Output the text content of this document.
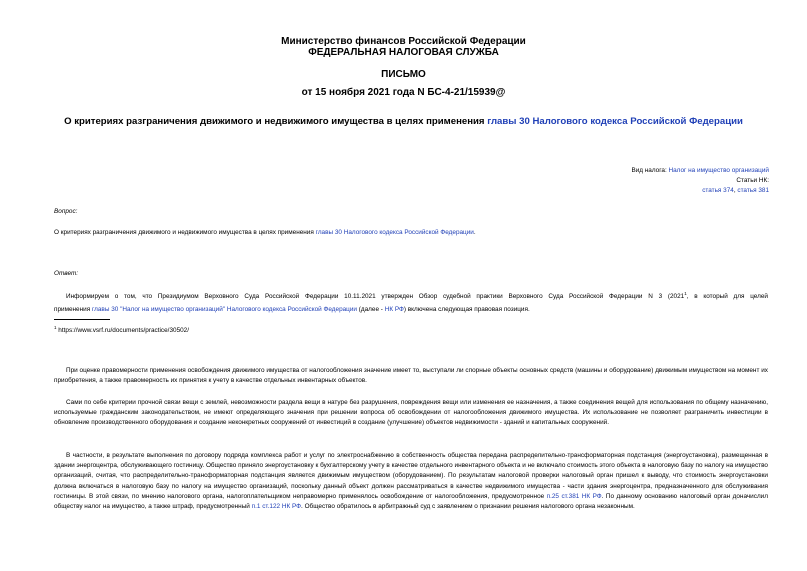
Министерство финансов Российской Федерации
ФЕДЕРАЛЬНАЯ НАЛОГОВАЯ СЛУЖБА
ПИСЬМО
от 15 ноября 2021 года N БС-4-21/15939@
О критериях разграничения движимого и недвижимого имущества в целях применения главы 30 Налогового кодекса Российской Федерации
Вид налога: Налог на имущество организаций
Статьи НК:
статья 374, статья 381
Вопрос:
О критериях разграничения движимого и недвижимого имущества в целях применения главы 30 Налогового кодекса Российской Федерации.
Ответ:
Информируем о том, что Президиумом Верховного Суда Российской Федерации 10.11.2021 утвержден Обзор судебной практики Верховного Суда Российской Федерации N 3 (2021$^1$, в который для целей
применения главы 30 "Налог на имущество организаций" Налогового кодекса Российской Федерации (далее - НК РФ) включена следующая правовая позиция.
$^1$ https://www.vsrf.ru/documents/practice/30502/
При оценке правомерности применения освобождения движимого имущества от налогообложения значение имеет то, выступали ли спорные объекты основных средств (машины и оборудование) движимым имуществом на момент их приобретения, а также правомерность их принятия к учету в качестве отдельных инвентарных объектов.
Сами по себе критерии прочной связи вещи с землей, невозможности раздела вещи в натуре без разрушения, повреждения вещи или изменения ее назначения, а также соединения вещей для использования по общему назначению, используемые гражданским законодательством, не имеют определяющего значения при решении вопроса об освобождении от налогообложения движимого имущества. Их использование не позволяет разграничить инвестиции в обновление производственного оборудования и создание неконкретных сооружений от инвестиций в создание (улучшение) объектов недвижимости - зданий и капитальных сооружений.
В частности, в результате выполнения по договору подряда комплекса работ и услуг по электроснабжению в собственность общества передана распределительно-трансформаторная подстанция (энергоустановка), размещенная в здании энергоцентра, обслуживающего гостиницу. Общество приняло энергоустановку к бухгалтерскому учету в качестве отдельного инвентарного объекта и не включало стоимость этого объекта в налоговую базу по налогу на имущество организаций, считая, что распределительно-трансформаторная подстанция является движимым имуществом (оборудованием). По результатам налоговой проверки налоговый орган пришел к выводу, что стоимость энергоустановки должна включаться в налоговую базу по налогу на имущество организаций, поскольку данный объект должен рассматриваться в качестве недвижимого имущества - части здания энергоцентра, предназначенного для обслуживания гостиницы. В этой связи, по мнению налогового органа, налогоплательщиком неправомерно применялось освобождение от налогообложения, предусмотренное п.25 ст.381 НК РФ. По данному основанию налоговый орган доначислил обществу налог на имущество, а также штраф, предусмотренный п.1 ст.122 НК РФ. Общество обратилось в арбитражный суд с заявлением о признании решения налогового органа незаконным.
